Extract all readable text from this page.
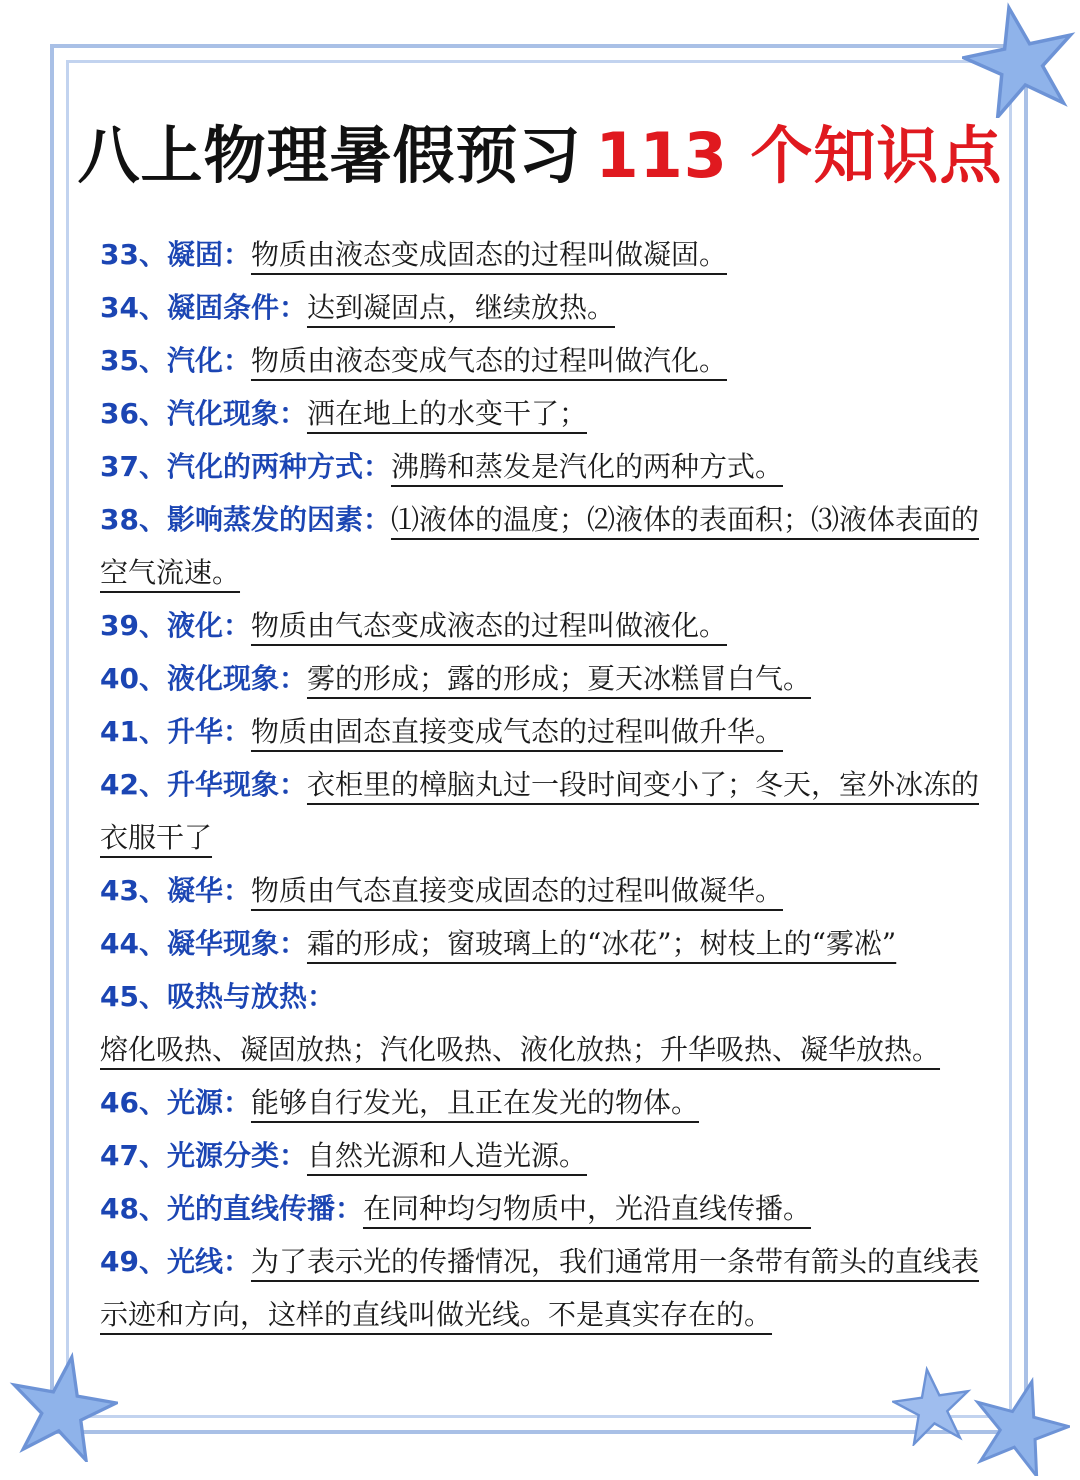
八上物理暑假预习 113 个知识点
33、凝固：物质由液态变成固态的过程叫做凝固。
34、凝固条件：达到凝固点，继续放热。
35、汽化：物质由液态变成气态的过程叫做汽化。
36、汽化现象：洒在地上的水变干了；
37、汽化的两种方式：沸腾和蒸发是汽化的两种方式。
38、影响蒸发的因素：⑴液体的温度；⑵液体的表面积；⑶液体表面的空气流速。
39、液化：物质由气态变成液态的过程叫做液化。
40、液化现象：雾的形成；露的形成；夏天冰糕冒白气。
41、升华：物质由固态直接变成气态的过程叫做升华。
42、升华现象：衣柜里的樟脑丸过一段时间变小了；冬天，室外冰冻的衣服干了
43、凝华：物质由气态直接变成固态的过程叫做凝华。
44、凝华现象：霜的形成；窗玻璃上的“冰花”；树枝上的“雾凇”
45、吸热与放热：
熔化吸热、凝固放热；汽化吸热、液化放热；升华吸热、凝华放热。
46、光源：能够自行发光，且正在发光的物体。
47、光源分类：自然光源和人造光源。
48、光的直线传播：在同种均匀物质中，光沿直线传播。
49、光线：为了表示光的传播情况，我们通常用一条带有箭头的直线表示迹和方向，这样的直线叫做光线。不是真实存在的。
